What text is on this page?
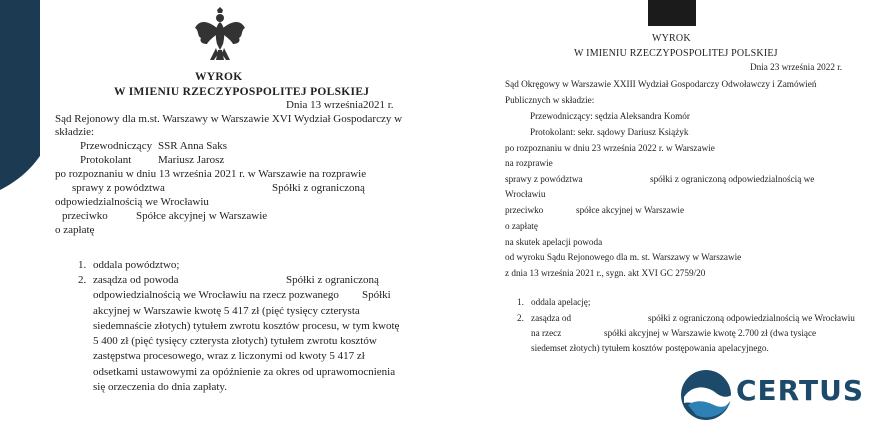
WYROK
W IMIENIU RZECZYPOSPOLITEJ POLSKIEJ
Dnia 13 września2021 r.
Sąd Rejonowy dla m.st. Warszawy w Warszawie XVI Wydział Gospodarczy w
składzie:
Przewodniczący SSR Anna Saks
Protokolant Mariusz Jarosz
po rozpoznaniu w dniu 13 września 2021 r. w Warszawie na rozprawie
sprawy z powództwa	Spółki z ograniczoną
odpowiedzialnością we Wrocławiu
przeciwko	Spółce akcyjnej w Warszawie
o zapłatę
1. oddala powództwo;
2. zasądza od powoda	Spółki z ograniczoną
odpowiedzialnością we Wrocławiu na rzecz pozwanego Spółki
akcyjnej w Warszawie kwotę 5 417 zł (pięć tysięcy czterysta
siedemnaście złotych) tytułem zwrotu kosztów procesu, w tym kwotę
5 400 zł (pięć tysięcy czterysta złotych) tytułem zwrotu kosztów
zastępstwa procesowego, wraz z liczonymi od kwoty 5 417 zł
odsetkami ustawowymi za opóźnienie za okres od uprawomocnienia
się orzeczenia do dnia zapłaty.
WYROK
W IMIENIU RZECZYPOSPOLITEJ POLSKIEJ
Dnia 23 września 2022 r.
Sąd Okręgowy w Warszawie XXIII Wydział Gospodarczy Odwoławczy i Zamówień
Publicznych w składzie:
Przewodniczący: sędzia Aleksandra Komór
Protokolant: sekr. sądowy Dariusz Książyk
po rozpoznaniu w dniu 23 września 2022 r. w Warszawie
na rozprawie
sprawy z powództwa	spółki z ograniczoną odpowiedzialnością we
Wrocławiu
przeciwko	spółce akcyjnej w Warszawie
o zapłatę
na skutek apelacji powoda
od wyroku Sądu Rejonowego dla m. st. Warszawy w Warszawie
z dnia 13 września 2021 r., sygn. akt XVI GC 2759/20
1. oddala apelację;
2. zasądza od	spółki z ograniczoną odpowiedzialnością we Wrocławiu
na rzecz	spółki akcyjnej w Warszawie kwotę 2.700 zł (dwa tysiące
siedemset złotych) tytułem kosztów postępowania apelacyjnego.
CERTUS
